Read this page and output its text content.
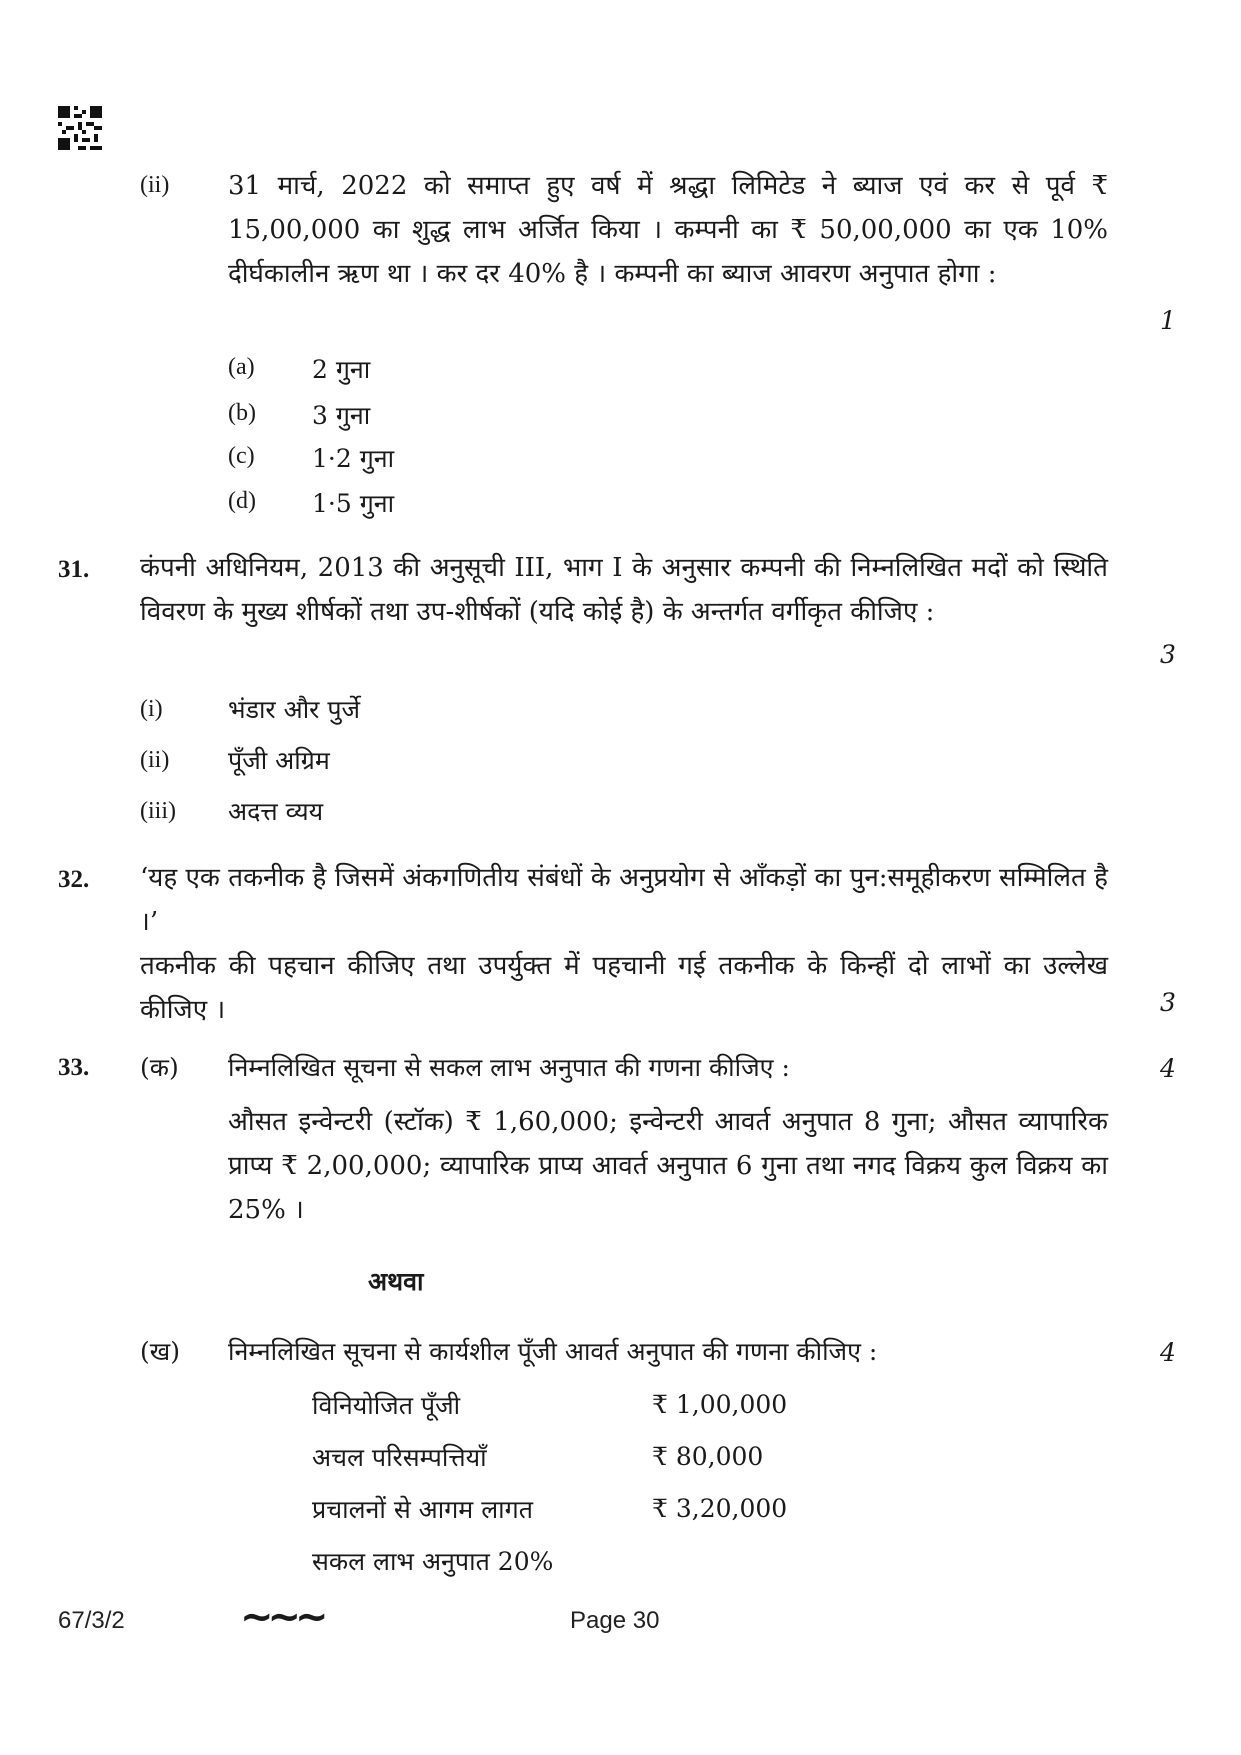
(ii) 31 मार्च, 2022 को समाप्त हुए वर्ष में श्रद्धा लिमिटेड ने ब्याज एवं कर से पूर्व ₹ 15,00,000 का शुद्ध लाभ अर्जित किया । कम्पनी का ₹ 50,00,000 का एक 10% दीर्घकालीन ऋण था । कर दर 40% है । कम्पनी का ब्याज आवरण अनुपात होगा :
1
(a) 2 गुना
(b) 3 गुना
(c) 1·2 गुना
(d) 1·5 गुना
31. कंपनी अधिनियम, 2013 की अनुसूची III, भाग I के अनुसार कम्पनी की निम्नलिखित मदों को स्थिति विवरण के मुख्य शीर्षकों तथा उप-शीर्षकों (यदि कोई है) के अन्तर्गत वर्गीकृत कीजिए :
3
(i)	भंडार और पुर्जे
(ii) पूँजी अग्रिम
(iii) अदत्त व्यय
32. ‘यह एक तकनीक है जिसमें अंकगणितीय संबंधों के अनुप्रयोग से आँकड़ों का पुन:समूहीकरण सम्मिलित है ।’
तकनीक की पहचान कीजिए तथा उपर्युक्त में पहचानी गई तकनीक के किन्हीं दो लाभों का उल्लेख कीजिए ।	3
33. (क) निम्नलिखित सूचना से सकल लाभ अनुपात की गणना कीजिए :	4
औसत इन्वेन्टरी (स्टॉक) ₹ 1,60,000; इन्वेन्टरी आवर्त अनुपात 8 गुना; औसत व्यापारिक प्राप्य ₹ 2,00,000; व्यापारिक प्राप्य आवर्त अनुपात 6 गुना तथा नगद विक्रय कुल विक्रय का 25% ।
अथवा
(ख) निम्नलिखित सूचना से कार्यशील पूँजी आवर्त अनुपात की गणना कीजिए :	4
विनियोजित पूँजी	₹ 1,00,000
अचल परिसम्पत्तियाँ	₹ 80,000
प्रचालनों से आगम लागत	₹ 3,20,000
सकल लाभ अनुपात 20%
67/3/2	~~~	Page 30
